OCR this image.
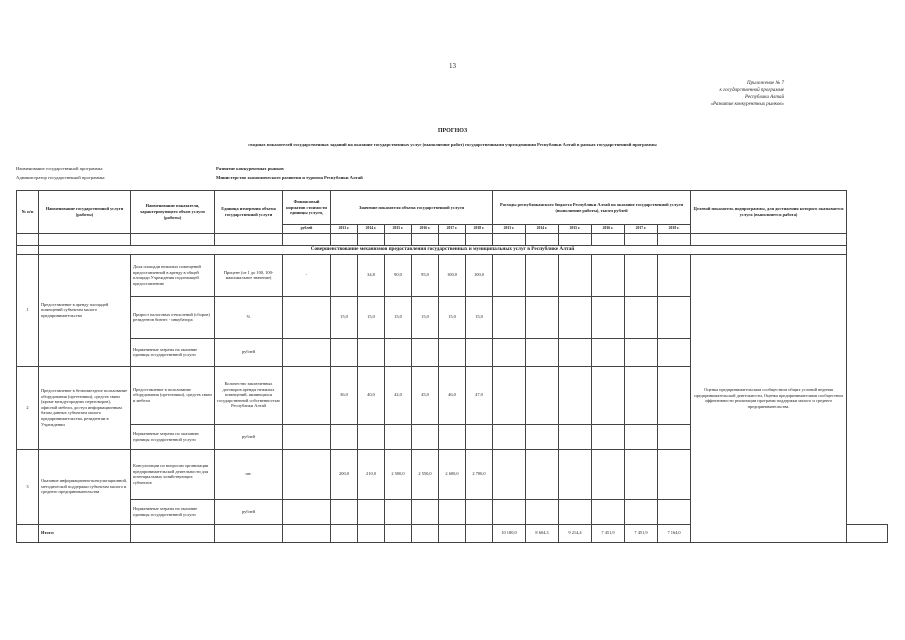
13
Приложение № 7
к государственной программе
Республики Алтай
«Развитие конкурентных рынков»
ПРОГНОЗ
сводных показателей государственных заданий на оказание государственных услуг (выполнение работ) государственными учреждениями Республики Алтай в рамках государственной программы
Наименование государственной программы:	Развитие конкурентных рынков
Администратор государственной программы:	Министерство экономического развития и туризма Республики Алтай
№ п/п	Наименование государственной услуги (работы)	Наименование показателя, характеризующего объем услуги (работы)	Единица измерения объема государственной услуги	Финансовый норматив стоимости единицы услуги,	Значение показателя объема государственной услуги						Расходы республиканского бюджета Республики Алтай на оказание государственной услуги (выполнение работы), тысяч рублей						Целевой показатель подпрограммы, для достижения которого оказывается услуга (выполняется работа)	
				рублей	2013 г.	2014 г.	2015 г.	2016 г.	2017 г.	2018 г.	2013 г.	2014 г.	2015 г.	2016 г.	2017 г.	2018 г.		

	Совершенствование механизмов предоставления государственных и муниципальных услуг в Республике Алтай																	
1	Предоставление в аренду площадей помещений субъектам малого предпринимательства	Доля площади нежилых помещений предоставленной в аренду в общей площади Учреждения подлежащей предоставлению	Процент (от 1 до 100, 100- максимальное значение)	-		34,8	90,0	95,0	100,0	100,0							Оценка предпринимательским сообществом общих условий ведения предпринимательской деятельности, Оценка предпринимателями сообществом эффективности реализации программ поддержки малого и среднего предпринимательства.	
		Прирост налоговых отчислений (сборов) резидентов бизнес - инкубатора	%		15,0	15,0	15,0	15,0	15,0	15,0								
		Нормативные затраты на оказание единицы государственной услуги	рублей															
2	Предоставление в безвозмездное пользование оборудования (оргтехники), средств связи (кроме междугородних переговоров), офисной мебели, доступ информационным базам данных субъектам малого предпринимательства, резидентам в Учреждении	Предоставление в пользование оборудования (оргтехники), средств связи и мебели	Количество заключенных договоров аренды нежилых помещений, являющихся государственной собственностью Республики Алтай		36,0	40,0	42,0	45,0	46,0	47,0								
		Нормативные затраты по оказанию единицы государственной услуги	рублей															
3	Оказание информационно-консультационной, методической поддержки субъектам малого и среднего предпринимательства	Консультации по вопросам организации предпринимательской деятельности для потенциальных хозяйствующих субъектов	шт.		200,0	210,0	2 500,0	2 550,0	2 600,0	2 700,0								
		Нормативные затраты на оказание единицы государственной услуги	рублей															
	Итого:										10 180,0	8 604,3	9 214,4	7 451,9	7 451,9	7 164,0		
